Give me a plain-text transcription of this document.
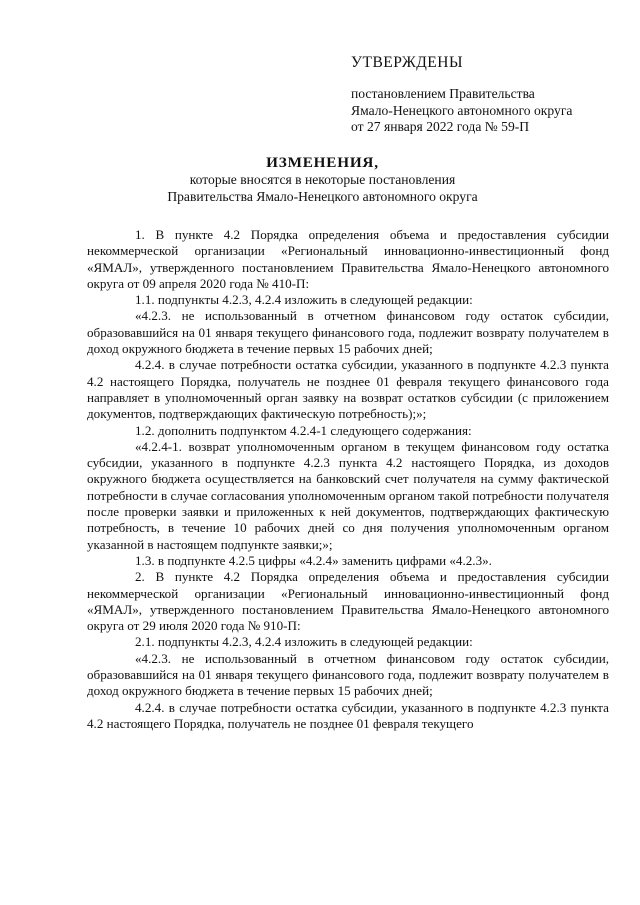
УТВЕРЖДЕНЫ
постановлением Правительства
Ямало-Ненецкого автономного округа
от 27 января 2022 года № 59-П
ИЗМЕНЕНИЯ,
которые вносятся в некоторые постановления
Правительства Ямало-Ненецкого автономного округа

1. В пункте 4.2 Порядка определения объема и предоставления субсидии некоммерческой организации «Региональный инновационно-инвестиционный фонд «ЯМАЛ», утвержденного постановлением Правительства Ямало-Ненецкого автономного округа от 09 апреля 2020 года № 410-П:

1.1. подпункты 4.2.3, 4.2.4 изложить в следующей редакции:

«4.2.3. не использованный в отчетном финансовом году остаток субсидии, образовавшийся на 01 января текущего финансового года, подлежит возврату получателем в доход окружного бюджета в течение первых 15 рабочих дней;

4.2.4. в случае потребности остатка субсидии, указанного в подпункте 4.2.3 пункта 4.2 настоящего Порядка, получатель не позднее 01 февраля текущего финансового года направляет в уполномоченный орган заявку на возврат остатков субсидии (с приложением документов, подтверждающих фактическую потребность);»;

1.2. дополнить подпунктом 4.2.4-1 следующего содержания:

«4.2.4-1. возврат уполномоченным органом в текущем финансовом году остатка субсидии, указанного в подпункте 4.2.3 пункта 4.2 настоящего Порядка, из доходов окружного бюджета осуществляется на банковский счет получателя на сумму фактической потребности в случае согласования уполномоченным органом такой потребности получателя после проверки заявки и приложенных к ней документов, подтверждающих фактическую потребность, в течение 10 рабочих дней со дня получения уполномоченным органом указанной в настоящем подпункте заявки;»;

1.3. в подпункте 4.2.5 цифры «4.2.4» заменить цифрами «4.2.3».

2. В пункте 4.2 Порядка определения объема и предоставления субсидии некоммерческой организации «Региональный инновационно-инвестиционный фонд «ЯМАЛ», утвержденного постановлением Правительства Ямало-Ненецкого автономного округа от 29 июля 2020 года № 910-П:

2.1. подпункты 4.2.3, 4.2.4 изложить в следующей редакции:

«4.2.3. не использованный в отчетном финансовом году остаток субсидии, образовавшийся на 01 января текущего финансового года, подлежит возврату получателем в доход окружного бюджета в течение первых 15 рабочих дней;

4.2.4. в случае потребности остатка субсидии, указанного в подпункте 4.2.3 пункта 4.2 настоящего Порядка, получатель не позднее 01 февраля текущего
